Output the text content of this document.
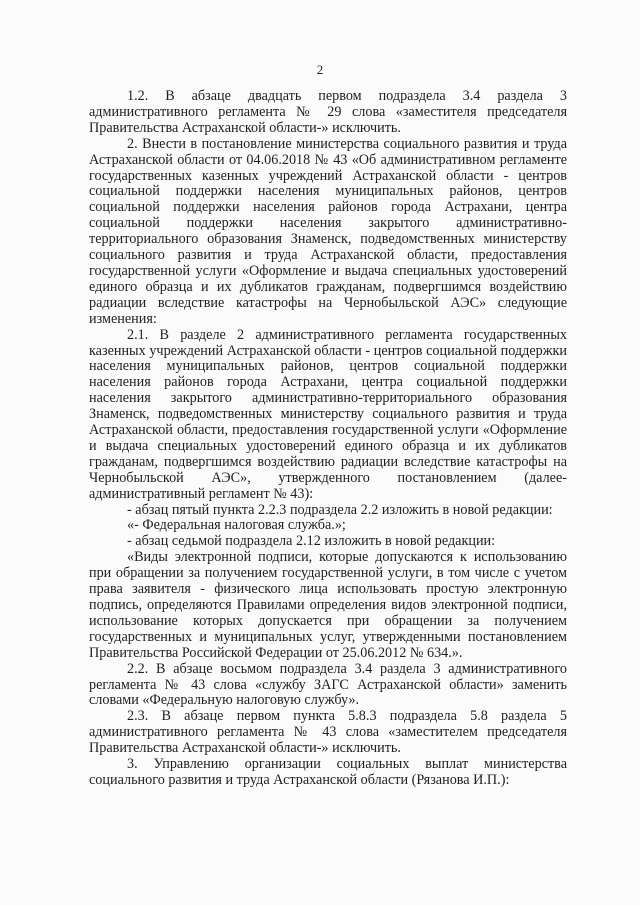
2

1.2. В абзаце двадцать первом подраздела 3.4 раздела 3 административного регламента № 29 слова «заместителя председателя Правительства Астраханской области-» исключить.

2. Внести в постановление министерства социального развития и труда Астраханской области от 04.06.2018 № 43 «Об административном регламенте государственных казенных учреждений Астраханской области - центров социальной поддержки населения муниципальных районов, центров социальной поддержки населения районов города Астрахани, центра социальной поддержки населения закрытого административно-территориального образования Знаменск, подведомственных министерству социального развития и труда Астраханской области, предоставления государственной услуги «Оформление и выдача специальных удостоверений единого образца и их дубликатов гражданам, подвергшимся воздействию радиации вследствие катастрофы на Чернобыльской АЭС» следующие изменения:

2.1. В разделе 2 административного регламента государственных казенных учреждений Астраханской области - центров социальной поддержки населения муниципальных районов, центров социальной поддержки населения районов города Астрахани, центра социальной поддержки населения закрытого административно-территориального образования Знаменск, подведомственных министерству социального развития и труда Астраханской области, предоставления государственной услуги «Оформление и выдача специальных удостоверений единого образца и их дубликатов гражданам, подвергшимся воздействию радиации вследствие катастрофы на Чернобыльской АЭС», утвержденного постановлением (далее-административный регламент № 43):

- абзац пятый пункта 2.2.3 подраздела 2.2 изложить в новой редакции:

«- Федеральная налоговая служба.»;

- абзац седьмой подраздела 2.12 изложить в новой редакции:

«Виды электронной подписи, которые допускаются к использованию при обращении за получением государственной услуги, в том числе с учетом права заявителя - физического лица использовать простую электронную подпись, определяются Правилами определения видов электронной подписи, использование которых допускается при обращении за получением государственных и муниципальных услуг, утвержденными постановлением Правительства Российской Федерации от 25.06.2012 № 634.».

2.2. В абзаце восьмом подраздела 3.4 раздела 3 административного регламента № 43 слова «службу ЗАГС Астраханской области» заменить словами «Федеральную налоговую службу».

2.3. В абзаце первом пункта 5.8.3 подраздела 5.8 раздела 5 административного регламента № 43 слова «заместителем председателя Правительства Астраханской области-» исключить.

3. Управлению организации социальных выплат министерства социального развития и труда Астраханской области (Рязанова И.П.):
